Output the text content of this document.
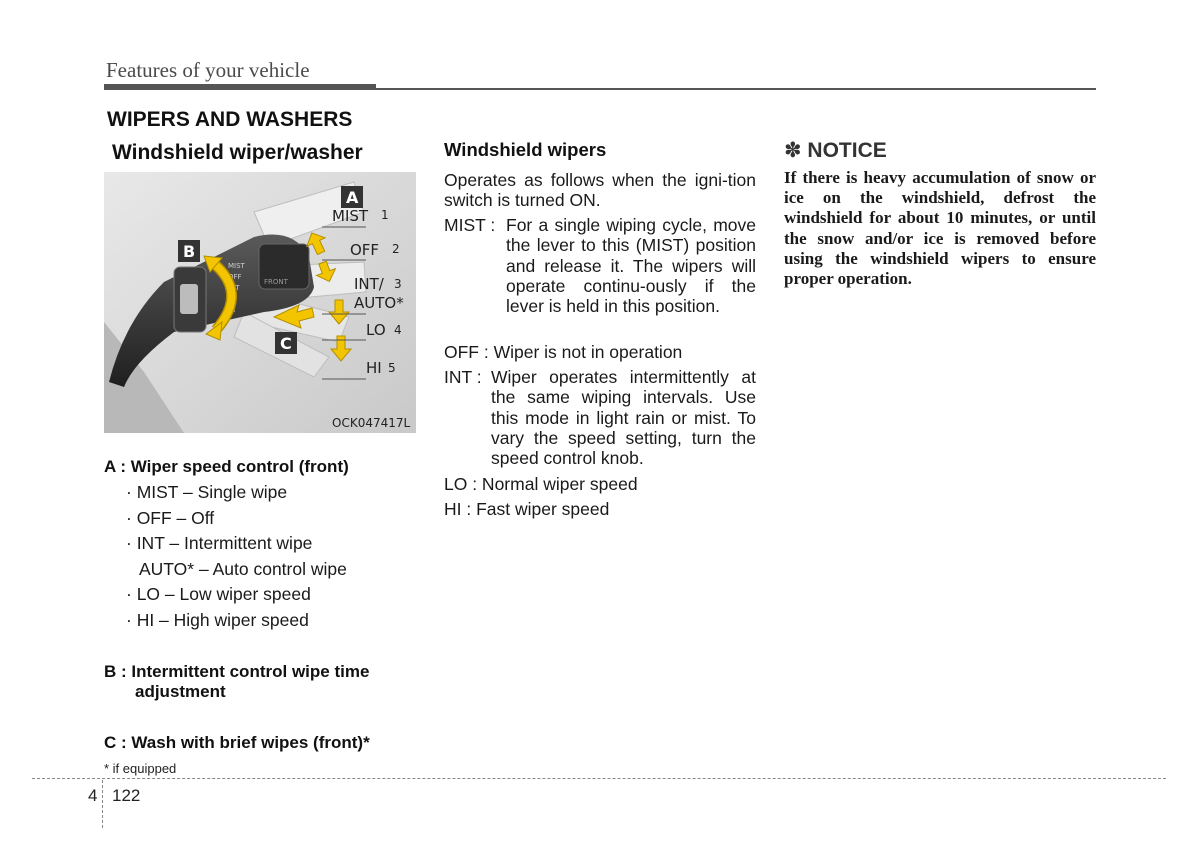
Features of your vehicle
WIPERS AND WASHERS
Windshield wiper/washer
FRONT
MIST
OFF
INT
LO
HI
A
B
C
MIST 1
OFF 2
INT/ 3
AUTO*
LO 4
HI 5
OCK047417L
A : Wiper speed control (front)
· MIST – Single wipe
· OFF – Off
· INT – Intermittent wipe
AUTO* – Auto control wipe
· LO – Low wiper speed
· HI – High wiper speed
B : Intermittent control wipe time
adjustment
C : Wash with brief wipes (front)*
* if equipped
Windshield wipers
Operates as follows when the igni-tion switch is turned ON.
MIST : For a single wiping cycle, move the lever to this (MIST) position and release it. The wipers will operate continu-ously if the lever is held in this position.
OFF : Wiper is not in operation
INT : Wiper operates intermittently at the same wiping intervals. Use this mode in light rain or mist. To vary the speed setting, turn the speed control knob.
LO : Normal wiper speed
HI : Fast wiper speed
✽ NOTICE
If there is heavy accumulation of snow or ice on the windshield, defrost the windshield for about 10 minutes, or until the snow and/or ice is removed before using the windshield wipers to ensure proper operation.
4 122
